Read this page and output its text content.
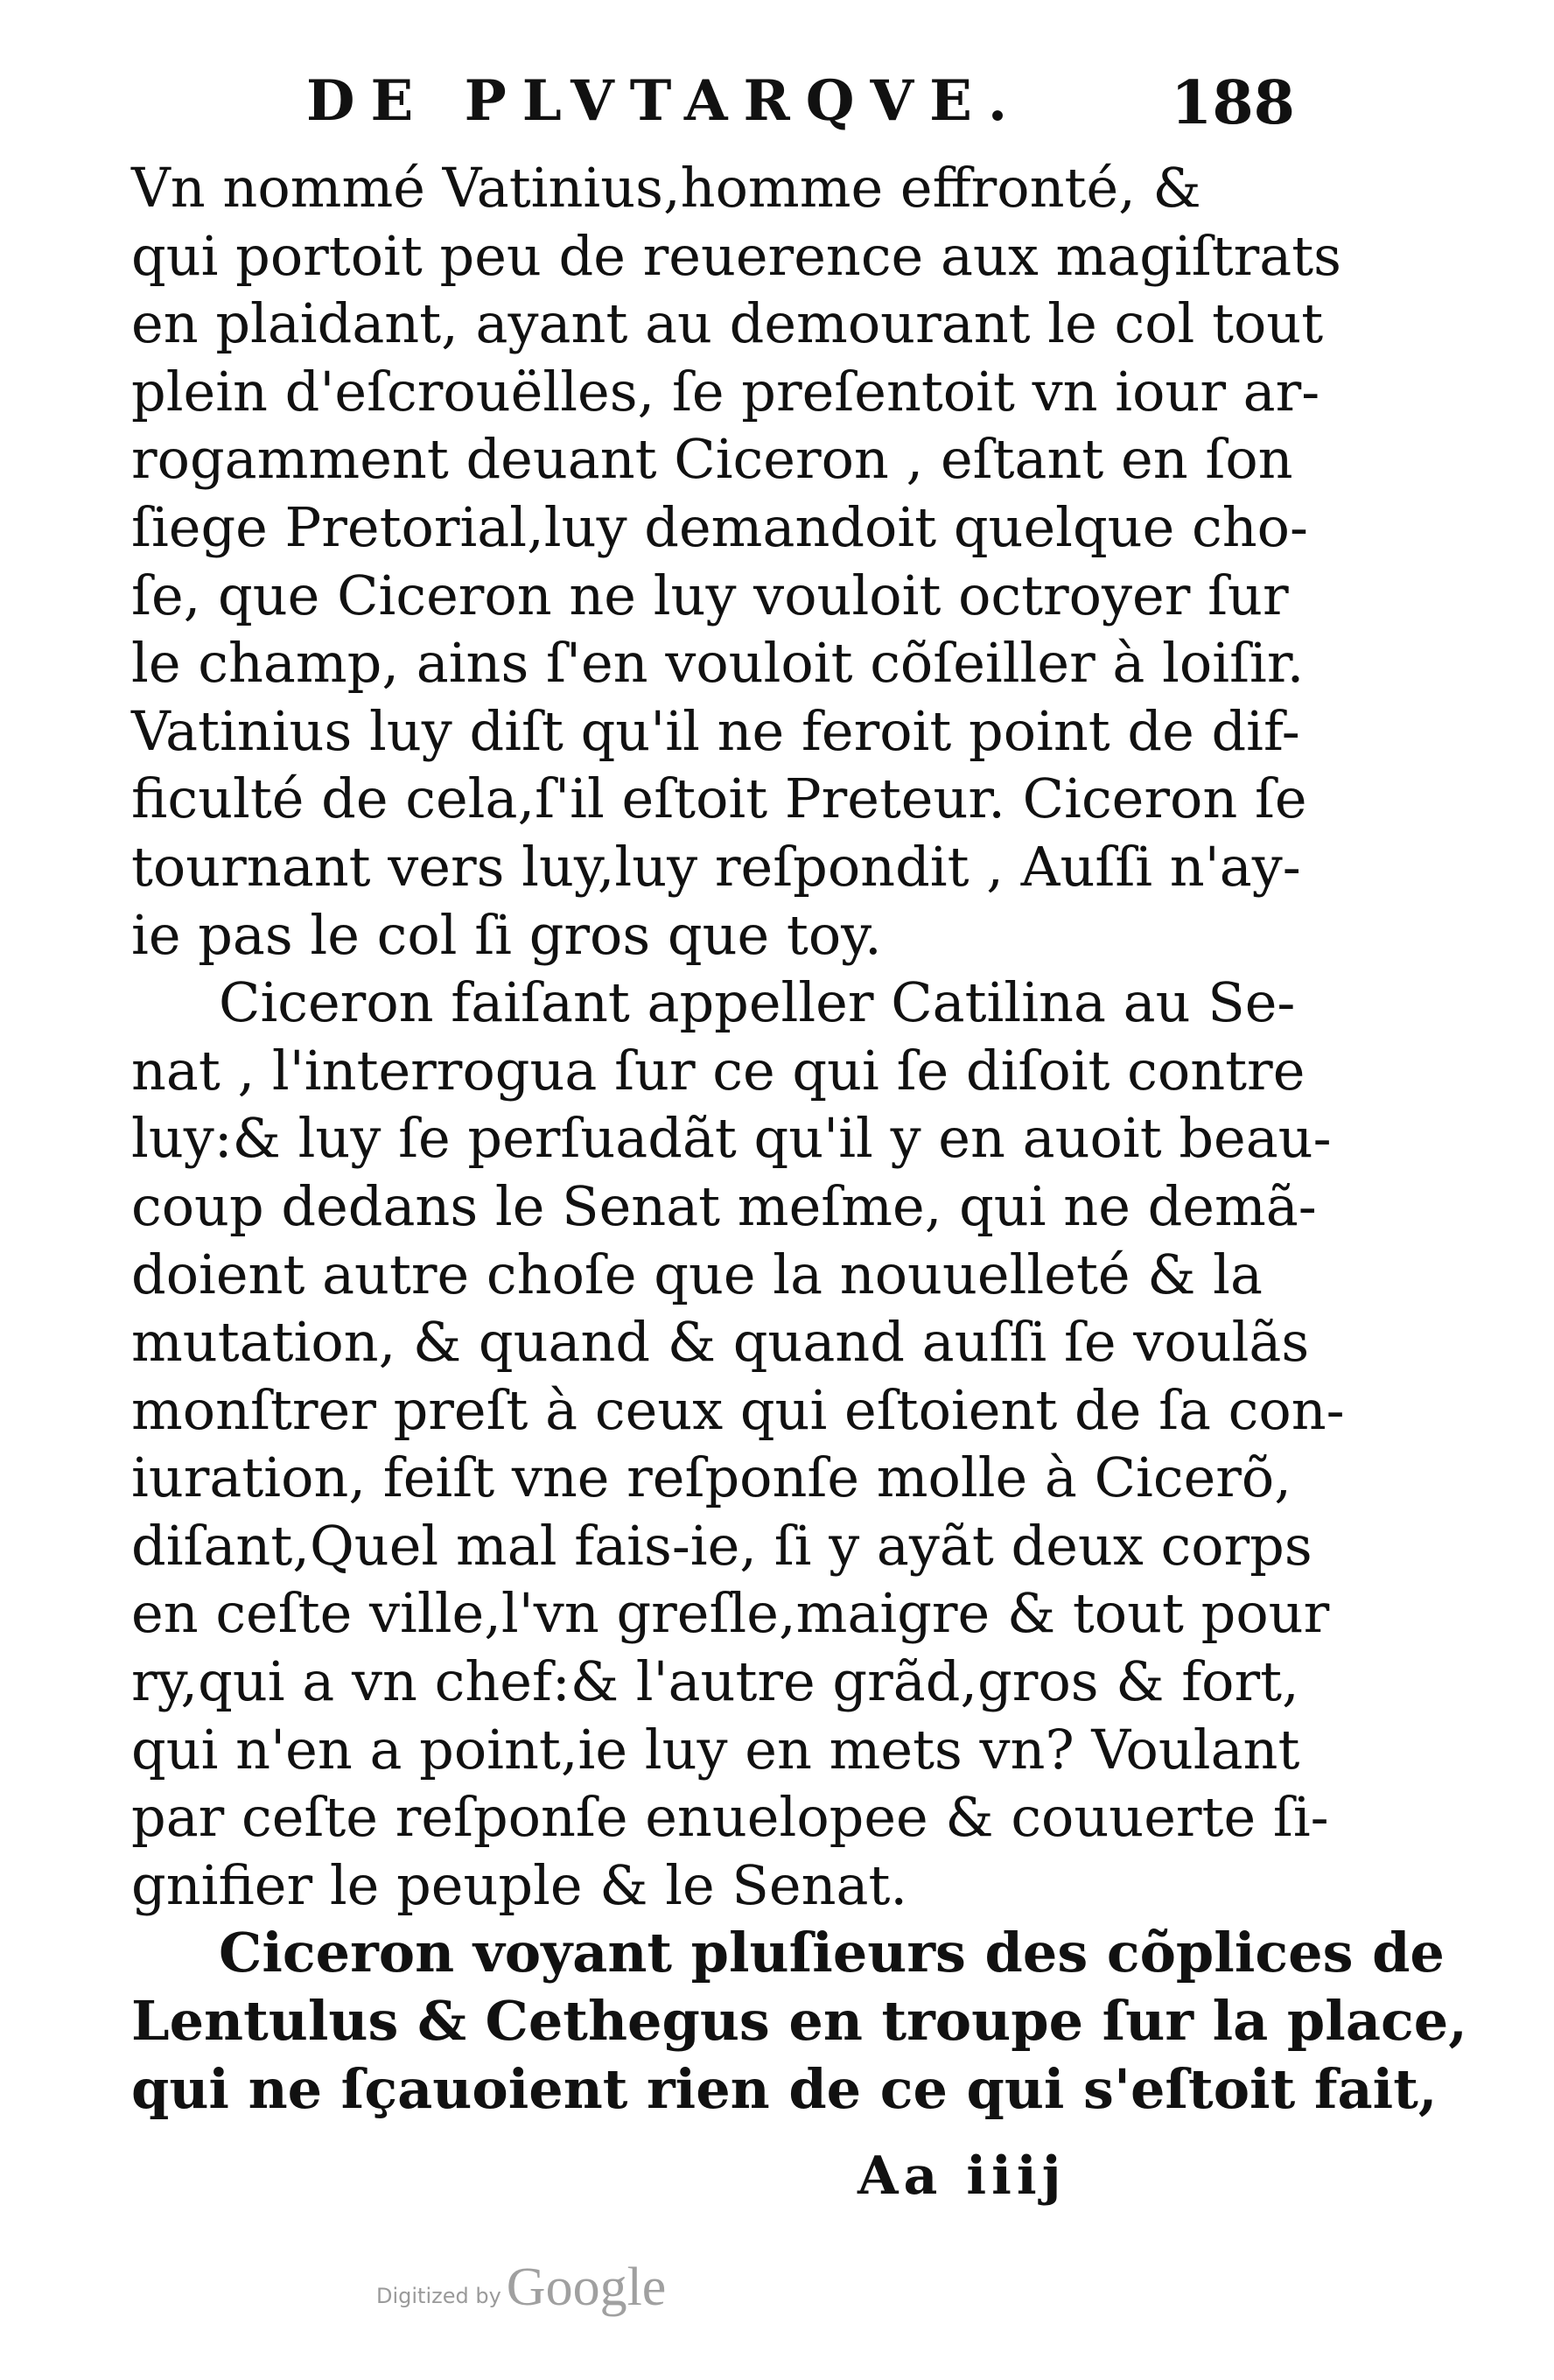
DE PLVTARQVE. 188
Vn nommé Vatinius,homme effronté, &
qui portoit peu de reuerence aux magiſtrats
en plaidant, ayant au demourant le col tout
plein d'eſcrouëlles, ſe preſentoit vn iour ar-
rogamment deuant Ciceron , eſtant en ſon
ſiege Pretorial,luy demandoit quelque cho-
ſe, que Ciceron ne luy vouloit octroyer ſur
le champ, ains ſ'en vouloit cõſeiller à loiſir.
Vatinius luy diſt qu'il ne feroit point de dif-
ficulté de cela,ſ'il eſtoit Preteur. Ciceron ſe
tournant vers luy,luy reſpondit , Auſſi n'ay-
ie pas le col ſi gros que toy.
Ciceron faiſant appeller Catilina au Se-
nat , l'interrogua ſur ce qui ſe diſoit contre
luy:& luy ſe perſuadãt qu'il y en auoit beau-
coup dedans le Senat meſme, qui ne demã-
doient autre choſe que la nouuelleté & la
mutation, & quand & quand auſſi ſe voulãs
monſtrer preſt à ceux qui eſtoient de ſa con-
iuration, feiſt vne reſponſe molle à Cicerõ,
diſant,Quel mal fais-ie, ſi y ayãt deux corps
en ceſte ville,l'vn greſle,maigre & tout pour
ry,qui a vn chef:& l'autre grãd,gros & fort,
qui n'en a point,ie luy en mets vn? Voulant
par ceſte reſponſe enuelopee & couuerte ſi-
gnifier le peuple & le Senat.
Ciceron voyant pluſieurs des cõplices de
Lentulus & Cethegus en troupe ſur la place,
qui ne ſçauoient rien de ce qui s'eſtoit fait,
Aa iiij
Digitized by Google
